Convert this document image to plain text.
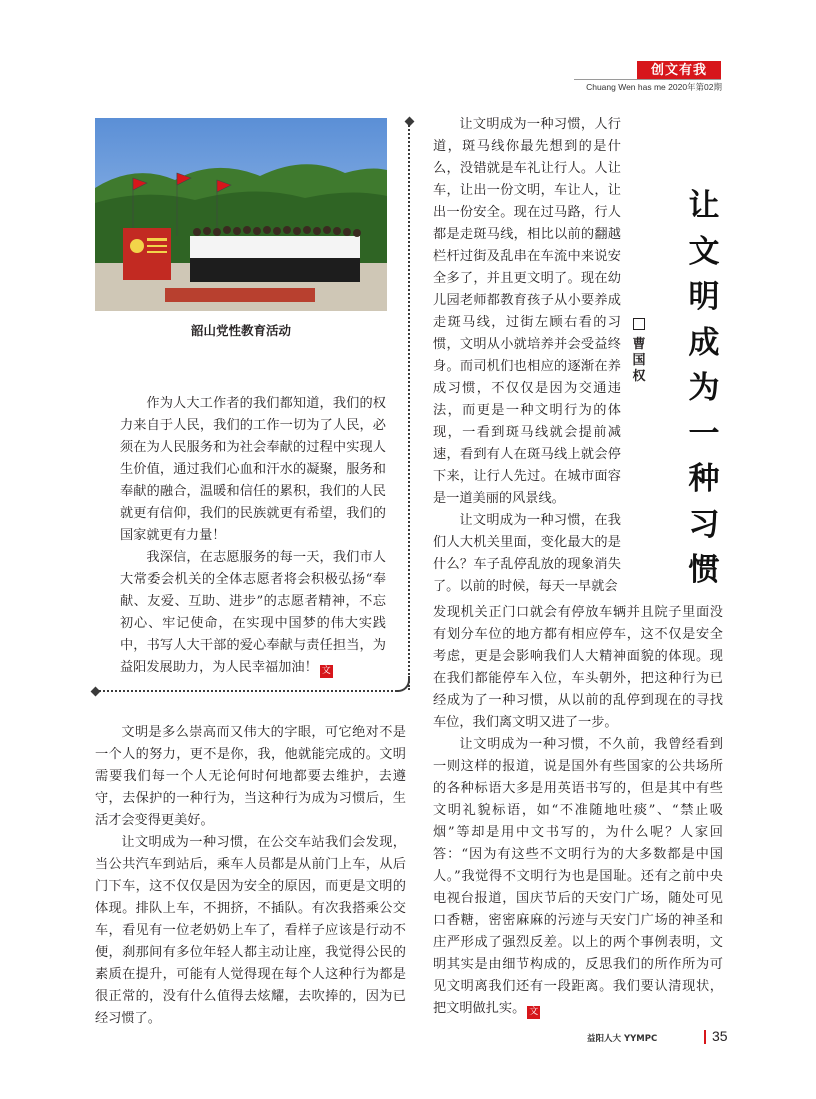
创文有我
Chuang Wen has me 2020年第02期
韶山党性教育活动

作为人大工作者的我们都知道，我们的权力来自于人民，我们的工作一切为了人民，必须在为人民服务和为社会奉献的过程中实现人生价值，通过我们心血和汗水的凝聚，服务和奉献的融合，温暖和信任的累积，我们的人民就更有信仰，我们的民族就更有希望，我们的国家就更有力量！

我深信，在志愿服务的每一天，我们市人大常委会机关的全体志愿者将会积极弘扬“奉献、友爱、互助、进步”的志愿者精神，不忘初心、牢记使命，在实现中国梦的伟大实践中，书写人大干部的爱心奉献与责任担当，为益阳发展助力，为人民幸福加油！ 文

让文明成为一种习惯，人行道，斑马线你最先想到的是什么，没错就是车礼让行人。人让车，让出一份文明，车让人，让出一份安全。现在过马路，行人都是走斑马线，相比以前的翻越栏杆过街及乱串在车流中来说安全多了，并且更文明了。现在幼儿园老师都教育孩子从小要养成走斑马线，过街左顾右看的习惯，文明从小就培养并会受益终身。而司机们也相应的逐渐在养成习惯，不仅仅是因为交通违法，而更是一种文明行为的体现，一看到斑马线就会提前减速，看到有人在斑马线上就会停下来，让行人先过。在城市面容是一道美丽的风景线。

让文明成为一种习惯，在我们人大机关里面，变化最大的是什么？车子乱停乱放的现象消失了。以前的时候，每天一早就会

让
文
明
成
为
一
种
习
惯
曹
国
权

发现机关正门口就会有停放车辆并且院子里面没有划分车位的地方都有相应停车，这不仅是安全考虑，更是会影响我们人大精神面貌的体现。现在我们都能停车入位，车头朝外，把这种行为已经成为了一种习惯，从以前的乱停到现在的寻找车位，我们离文明又进了一步。

让文明成为一种习惯，不久前，我曾经看到一则这样的报道，说是国外有些国家的公共场所的各种标语大多是用英语书写的，但是其中有些文明礼貌标语，如“不准随地吐痰”、“禁止吸烟”等却是用中文书写的，为什么呢？人家回答：“因为有这些不文明行为的大多数都是中国人。”我觉得不文明行为也是国耻。还有之前中央电视台报道，国庆节后的天安门广场，随处可见口香糖，密密麻麻的污迹与天安门广场的神圣和庄严形成了强烈反差。以上的两个事例表明，文明其实是由细节构成的，反思我们的所作所为可见文明离我们还有一段距离。我们要认清现状，把文明做扎实。 文

文明是多么崇高而又伟大的字眼，可它绝对不是一个人的努力，更不是你，我，他就能完成的。文明需要我们每一个人无论何时何地都要去维护，去遵守，去保护的一种行为，当这种行为成为习惯后，生活才会变得更美好。

让文明成为一种习惯，在公交车站我们会发现，当公共汽车到站后，乘车人员都是从前门上车，从后门下车，这不仅仅是因为安全的原因，而更是文明的体现。排队上车，不拥挤，不插队。有次我搭乘公交车，看见有一位老奶奶上车了，看样子应该是行动不便，刹那间有多位年轻人都主动让座，我觉得公民的素质在提升，可能有人觉得现在每个人这种行为都是很正常的，没有什么值得去炫耀，去吹捧的，因为已经习惯了。

益阳人大 YYMPC	35
